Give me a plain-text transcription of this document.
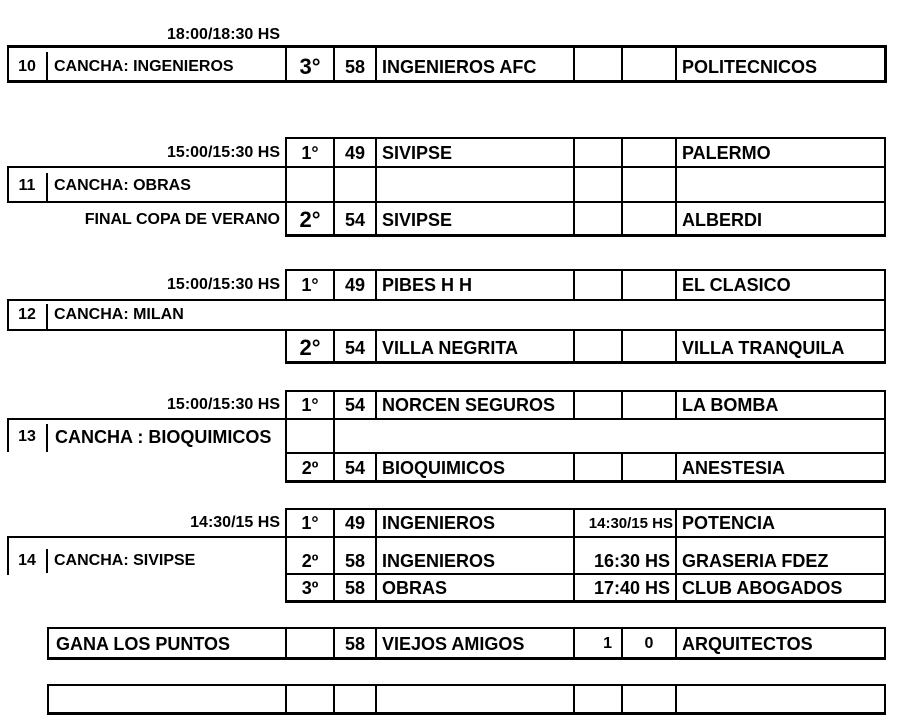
18:00/18:30 HS
10	CANCHA: INGENIEROS	3°	58 INGENIEROS AFC	POLITECNICOS
15:00/15:30 HS
11	CANCHA: OBRAS
FINAL COPA DE VERANO
1°	49 SIVIPSE	PALERMO
2°	54 SIVIPSE	ALBERDI
15:00/15:30 HS
12	CANCHA: MILAN
1°	49 PIBES H H	EL CLASICO
2°	54 VILLA NEGRITA	VILLA TRANQUILA
15:00/15:30 HS
13	CANCHA : BIOQUIMICOS
1°	54 NORCEN SEGUROS	LA BOMBA
2º	54 BIOQUIMICOS	ANESTESIA
14:30/15 HS
14	CANCHA: SIVIPSE
1°	49 INGENIEROS	14:30/15 HS POTENCIA
2º	58 INGENIEROS	16:30 HS GRASERIA FDEZ
3º	58 OBRAS	17:40 HS CLUB ABOGADOS
GANA LOS PUNTOS	58 VIEJOS AMIGOS	1	0	ARQUITECTOS
